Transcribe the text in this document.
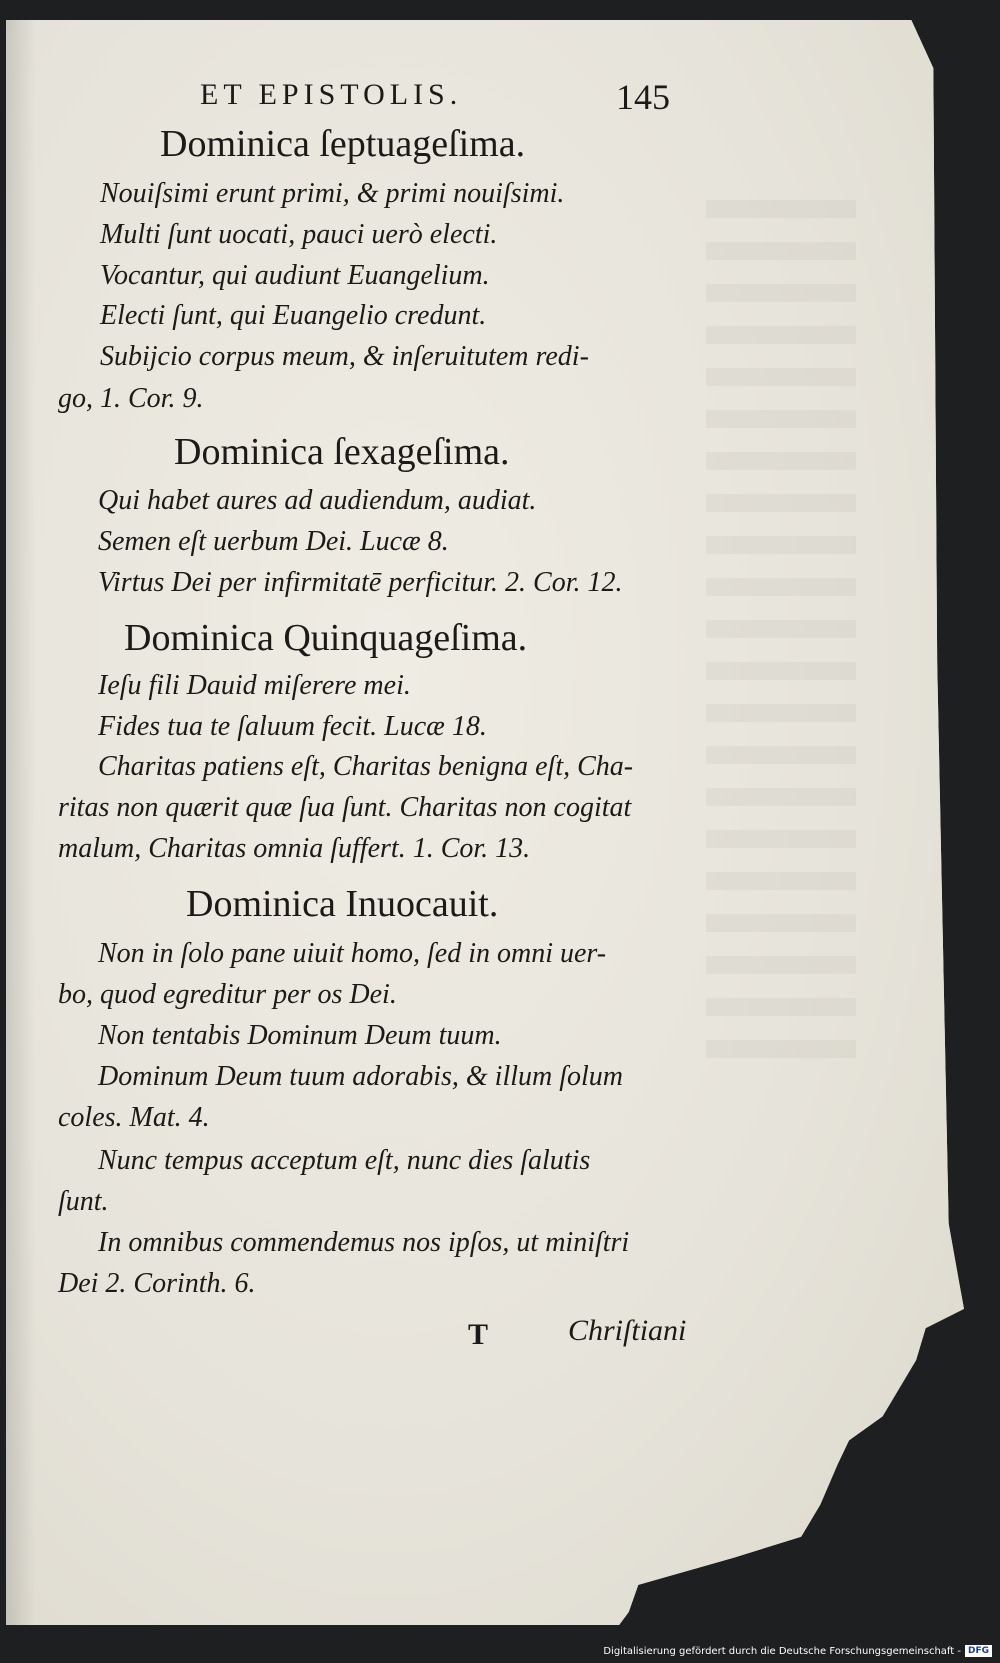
ET EPISTOLIS.	145
Dominica ſeptuageſima.
Nouiſsimi erunt primi, & primi nouiſsimi.
Multi ſunt uocati, pauci uerò electi.
Vocantur, qui audiunt Euangelium.
Electi ſunt, qui Euangelio credunt.
Subijcio corpus meum, & inſeruitutem redi-
go, 1. Cor. 9.
Dominica ſexageſima.
Qui habet aures ad audiendum, audiat.
Semen eſt uerbum Dei. Lucæ 8.
Virtus Dei per infirmitatē perficitur. 2. Cor. 12.
Dominica Quinquageſima.
Ieſu fili Dauid miſerere mei.
Fides tua te ſaluum fecit. Lucæ 18.
Charitas patiens eſt, Charitas benigna eſt, Cha-
ritas non quærit quæ ſua ſunt. Charitas non cogitat
malum, Charitas omnia ſuffert. 1. Cor. 13.
Dominica Inuocauit.
Non in ſolo pane uiuit homo, ſed in omni uer-
bo, quod egreditur per os Dei.
Non tentabis Dominum Deum tuum.
Dominum Deum tuum adorabis, & illum ſolum
coles. Mat. 4.
Nunc tempus acceptum eſt, nunc dies ſalutis
ſunt.
In omnibus commendemus nos ipſos, ut miniſtri
Dei 2. Corinth. 6.
T	Chriſtiani
Digitalisierung gefördert durch die Deutsche Forschungsgemeinschaft - DFG
